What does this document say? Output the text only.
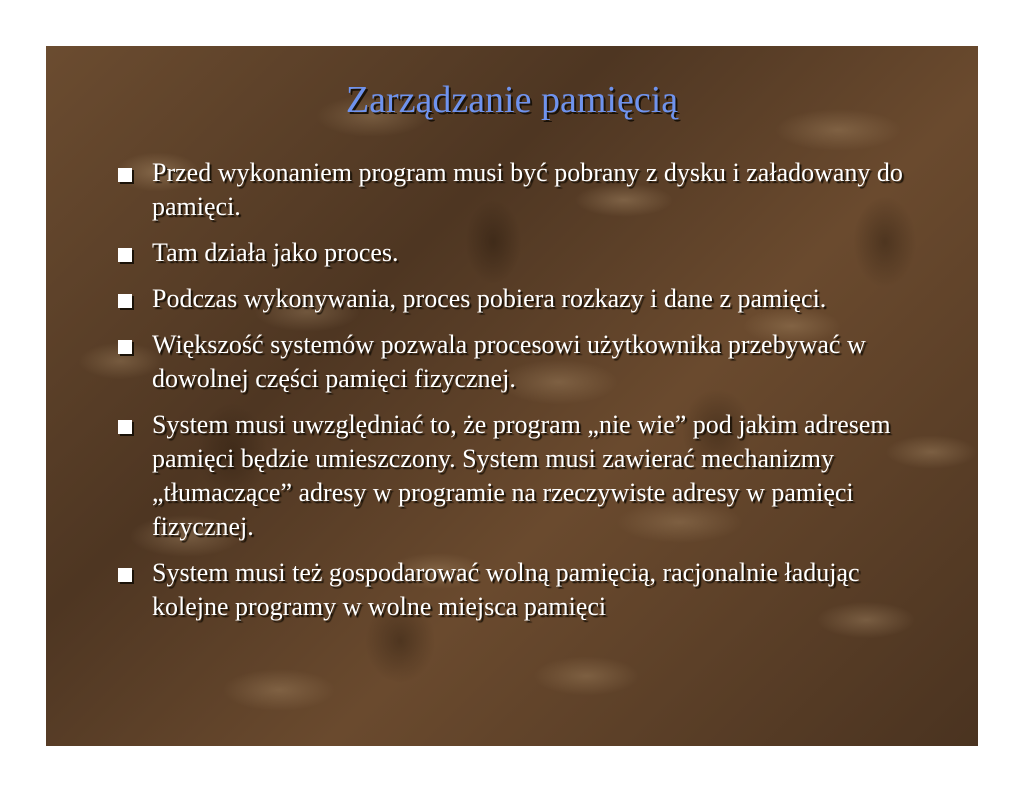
Zarządzanie pamięcią
Przed wykonaniem program musi być pobrany z dysku i załadowany do pamięci.
Tam działa jako proces.
Podczas wykonywania, proces pobiera rozkazy i dane z pamięci.
Większość systemów pozwala procesowi użytkownika przebywać w dowolnej części pamięci fizycznej.
System musi uwzględniać to, że program „nie wie” pod jakim adresem pamięci będzie umieszczony. System musi zawierać mechanizmy „tłumaczące” adresy w programie na rzeczywiste adresy w pamięci fizycznej.
System musi też gospodarować wolną pamięcią, racjonalnie ładując kolejne programy w wolne miejsca pamięci
